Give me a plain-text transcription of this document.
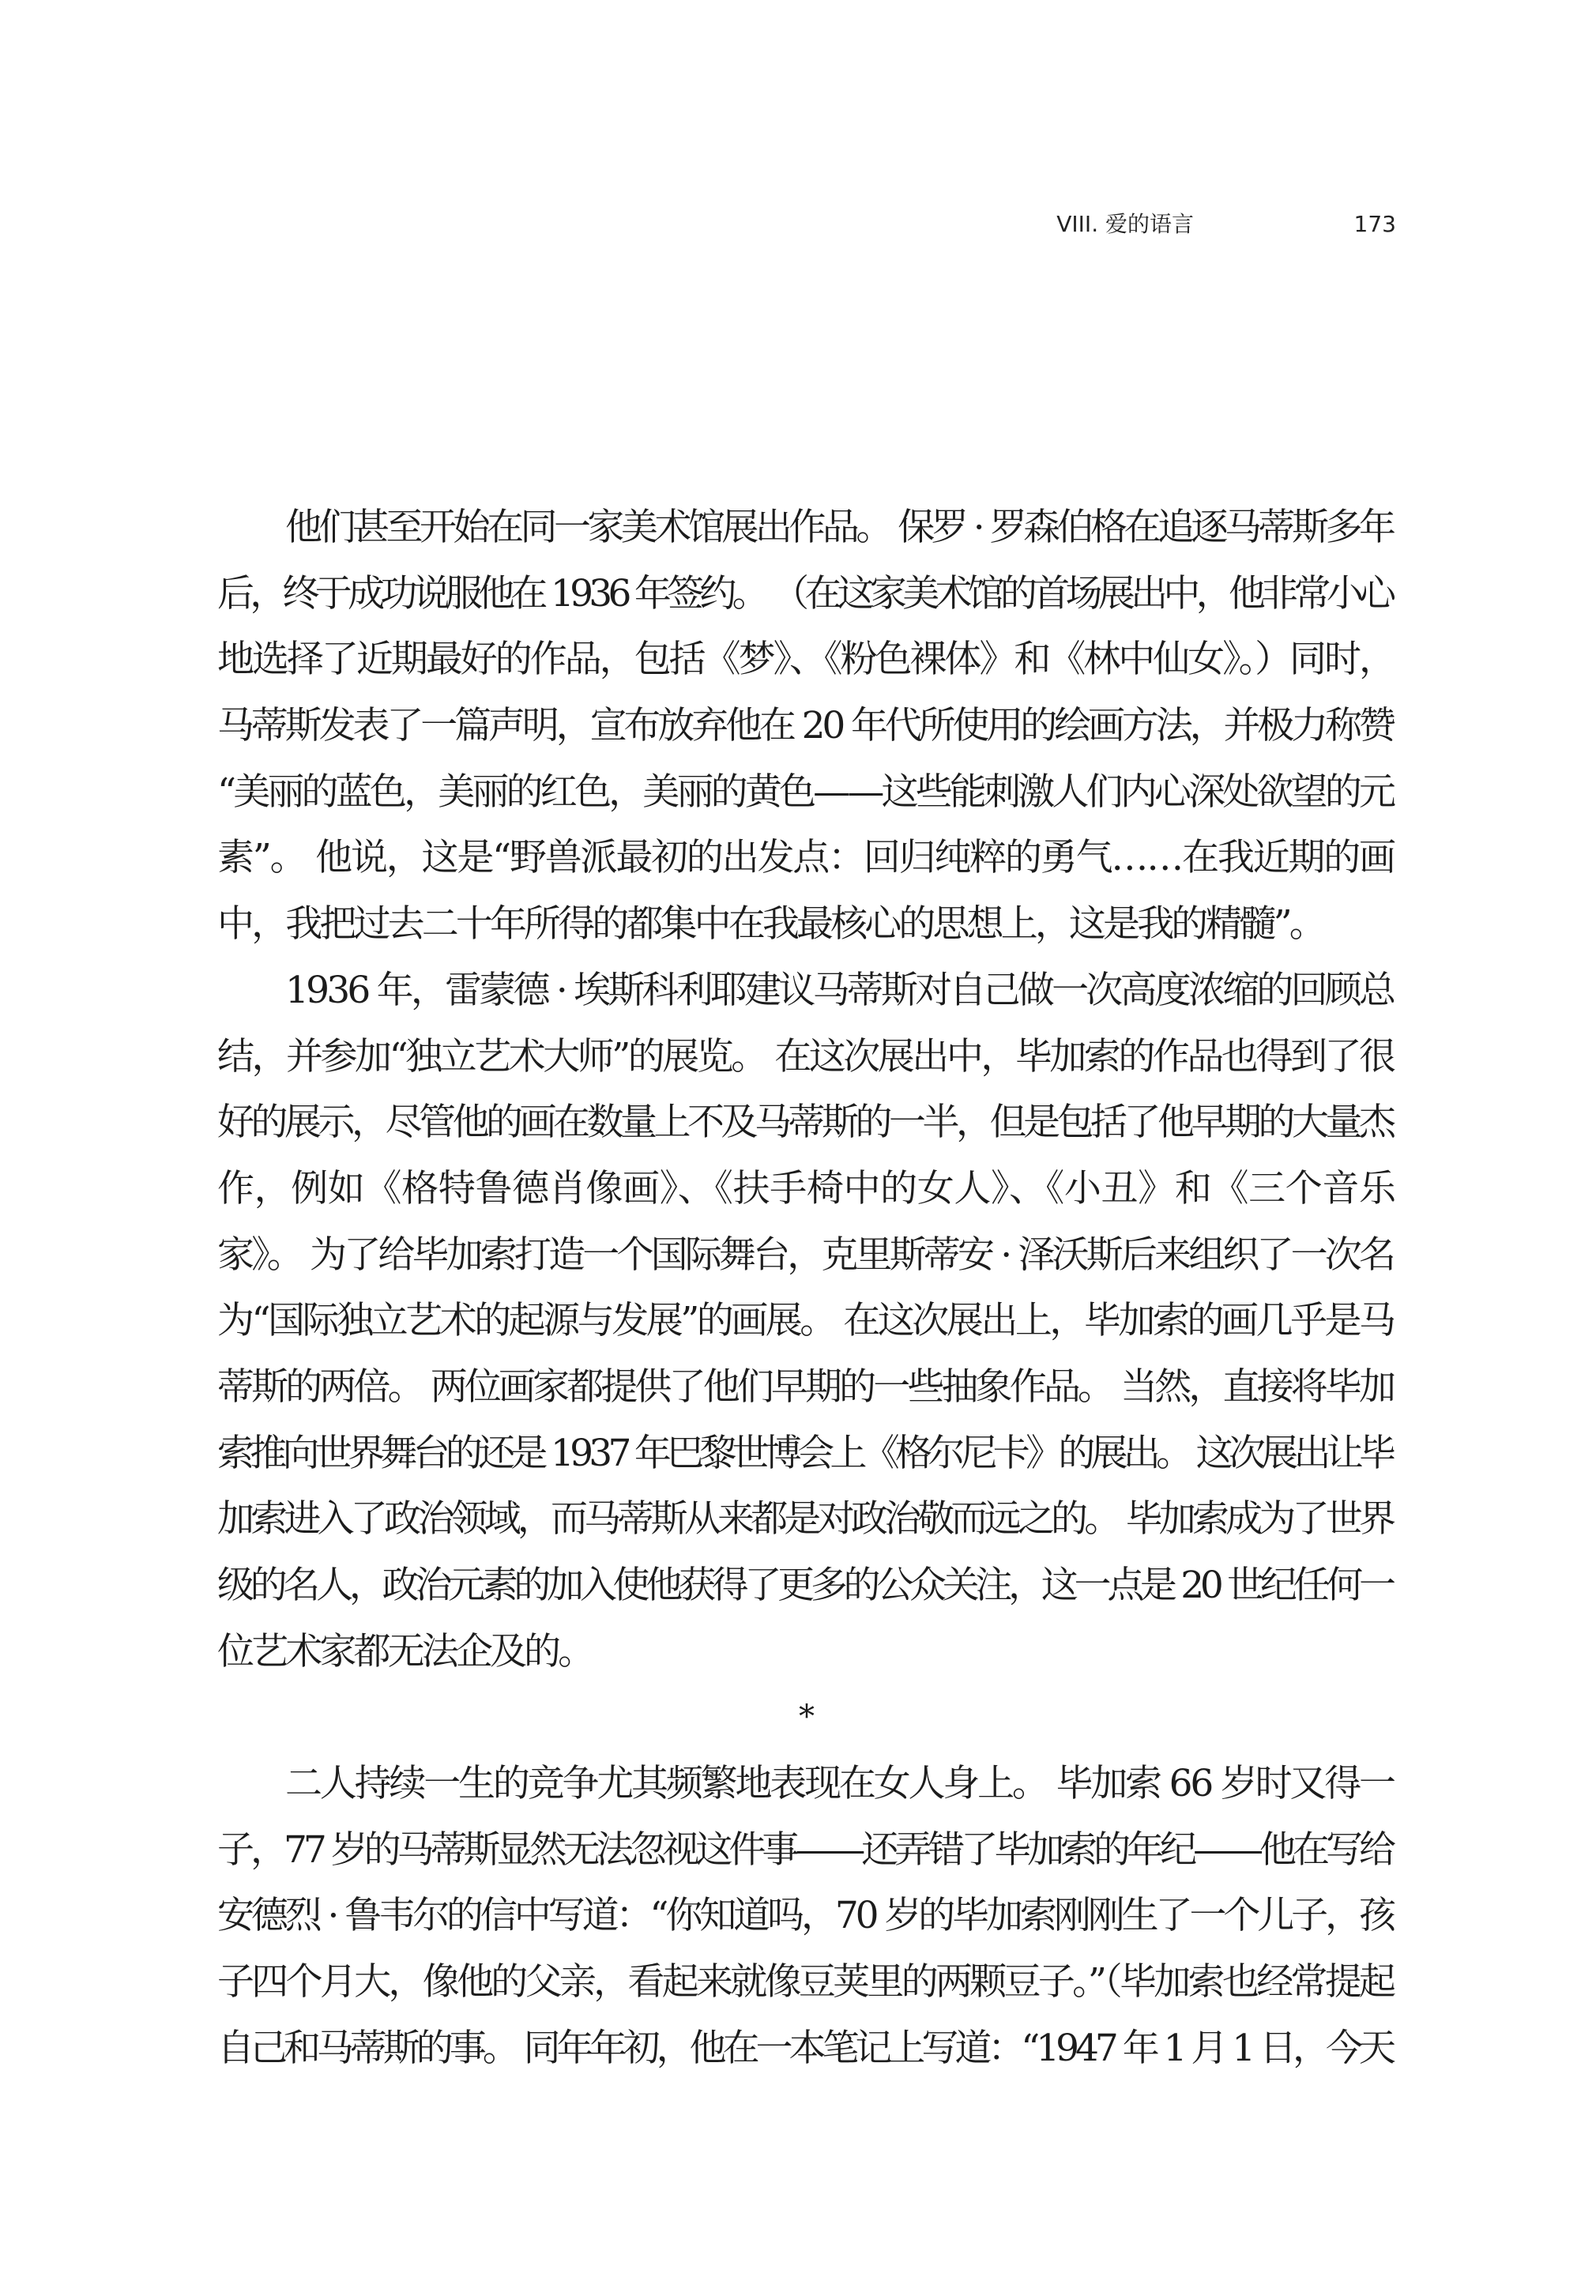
VIII. 爱的语言	173
他们甚至开始在同一家美术馆展出作品。 保罗 · 罗森伯格在追逐马蒂斯多年
后，终于成功说服他在 1936 年签约。 （在这家美术馆的首场展出中，他非常小心
地选择了近期最好的作品，包括《梦》、《粉色裸体》和《林中仙女》。）同时，
马蒂斯发表了一篇声明，宣布放弃他在 20 年代所使用的绘画方法，并极力称赞
“美丽的蓝色，美丽的红色，美丽的黄色——这些能刺激人们内心深处欲望的元
素”。 他说，这是“野兽派最初的出发点：回归纯粹的勇气……在我近期的画
中，我把过去二十年所得的都集中在我最核心的思想上，这是我的精髓”。
1936 年，雷蒙德 · 埃斯科利耶建议马蒂斯对自己做一次高度浓缩的回顾总
结，并参加“独立艺术大师”的展览。 在这次展出中，毕加索的作品也得到了很
好的展示，尽管他的画在数量上不及马蒂斯的一半，但是包括了他早期的大量杰
作，例如《格特鲁德肖像画》、《扶手椅中的女人》、《小丑》和《三个音乐
家》。 为了给毕加索打造一个国际舞台，克里斯蒂安 · 泽沃斯后来组织了一次名
为“国际独立艺术的起源与发展”的画展。 在这次展出上，毕加索的画几乎是马
蒂斯的两倍。 两位画家都提供了他们早期的一些抽象作品。 当然，直接将毕加
索推向世界舞台的还是 1937 年巴黎世博会上《格尔尼卡》的展出。 这次展出让毕
加索进入了政治领域，而马蒂斯从来都是对政治敬而远之的。 毕加索成为了世界
级的名人，政治元素的加入使他获得了更多的公众关注，这一点是 20 世纪任何一
位艺术家都无法企及的。
*
二人持续一生的竞争尤其频繁地表现在女人身上。 毕加索 66 岁时又得一
子，77 岁的马蒂斯显然无法忽视这件事——还弄错了毕加索的年纪——他在写给
安德烈 · 鲁韦尔的信中写道：“你知道吗，70 岁的毕加索刚刚生了一个儿子，孩
子四个月大，像他的父亲，看起来就像豆荚里的两颗豆子。”（毕加索也经常提起
自己和马蒂斯的事。 同年年初，他在一本笔记上写道：“1947 年 1 月 1 日，今天
